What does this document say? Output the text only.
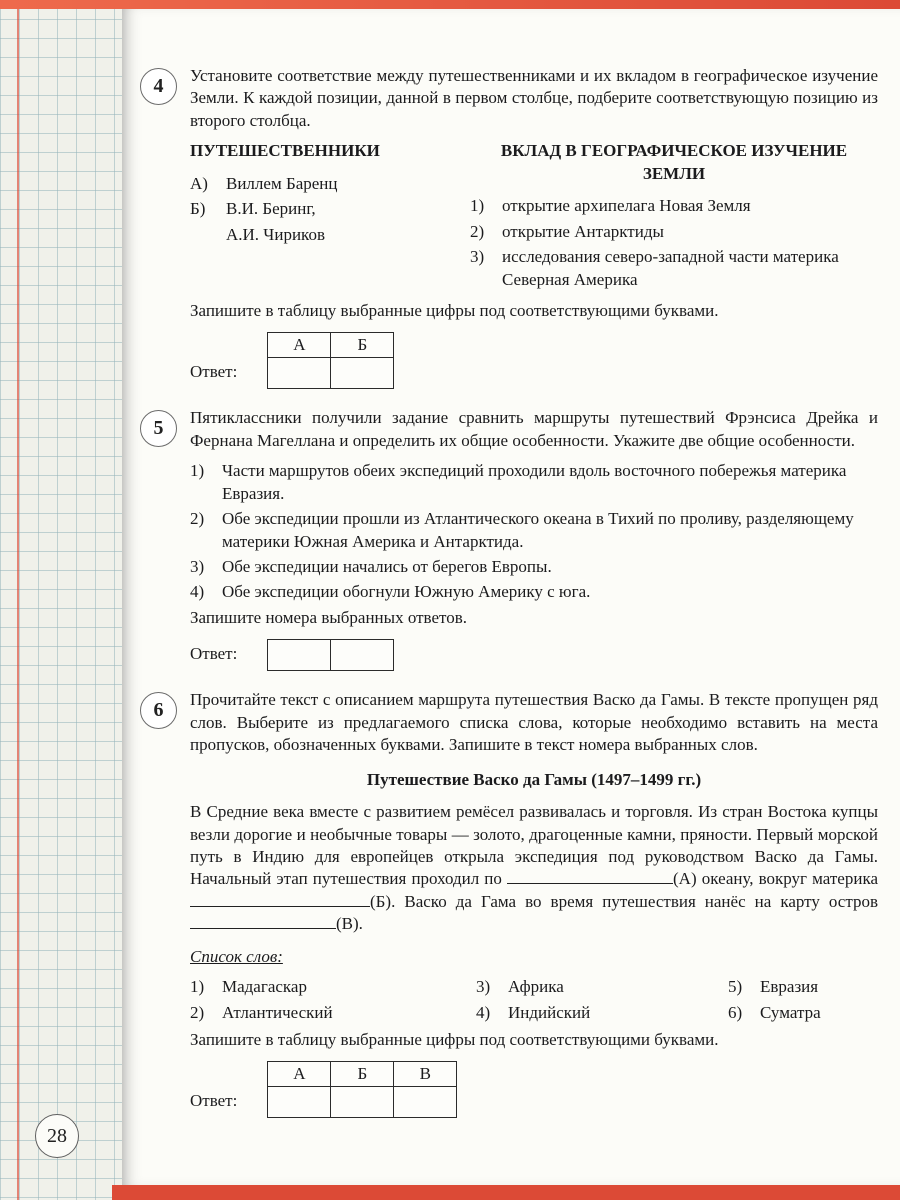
4	Установите соответствие между путешественниками и их вкладом в географическое изучение Земли. К каждой позиции, данной в первом столбце, подберите соответствующую позицию из второго столбца.

ПУТЕШЕСТВЕННИКИ
А)	Виллем Баренц
Б)	В.И. Беринг,
А.И. Чириков
ВКЛАД В ГЕОГРАФИЧЕСКОЕ ИЗУЧЕНИЕ ЗЕМЛИ
1)	открытие архипелага Новая Земля
2)	открытие Антарктиды
3)	исследования северо-западной части материка Северная Америка

Запишите в таблицу выбранные цифры под соответствующими буквами.

Ответ:
А	Б

5	Пятиклассники получили задание сравнить маршруты путешествий Фрэнсиса Дрейка и Фернана Магеллана и определить их общие особенности. Укажите две общие особенности.

1)	Части маршрутов обеих экспедиций проходили вдоль восточного побережья материка Евразия.
2)	Обе экспедиции прошли из Атлантического океана в Тихий по проливу, разделяющему материки Южная Америка и Антарктида.
3)	Обе экспедиции начались от берегов Европы.
4)	Обе экспедиции обогнули Южную Америку с юга.

Запишите номера выбранных ответов.

Ответ:

6	Прочитайте текст с описанием маршрута путешествия Васко да Гамы. В тексте пропущен ряд слов. Выберите из предлагаемого списка слова, которые необходимо вставить на места пропусков, обозначенных буквами. Запишите в текст номера выбранных слов.

Путешествие Васко да Гамы (1497–1499 гг.)

В Средние века вместе с развитием ремёсел развивалась и торговля. Из стран Востока купцы везли дорогие и необычные товары — золото, драгоценные камни, пряности. Первый морской путь в Индию для европейцев открыла экспедиция под руководством Васко да Гамы. Начальный этап путешествия проходил по	(А) океану, вокруг материка (Б). Васко да Гама во время путешествия нанёс на карту остров (В).

Список слов:
1)	Мадагаскар
2)	Атлантический
3)	Африка
4)	Индийский
5)	Евразия
6)	Суматра

Запишите в таблицу выбранные цифры под соответствующими буквами.

Ответ:
А	Б	В

28
